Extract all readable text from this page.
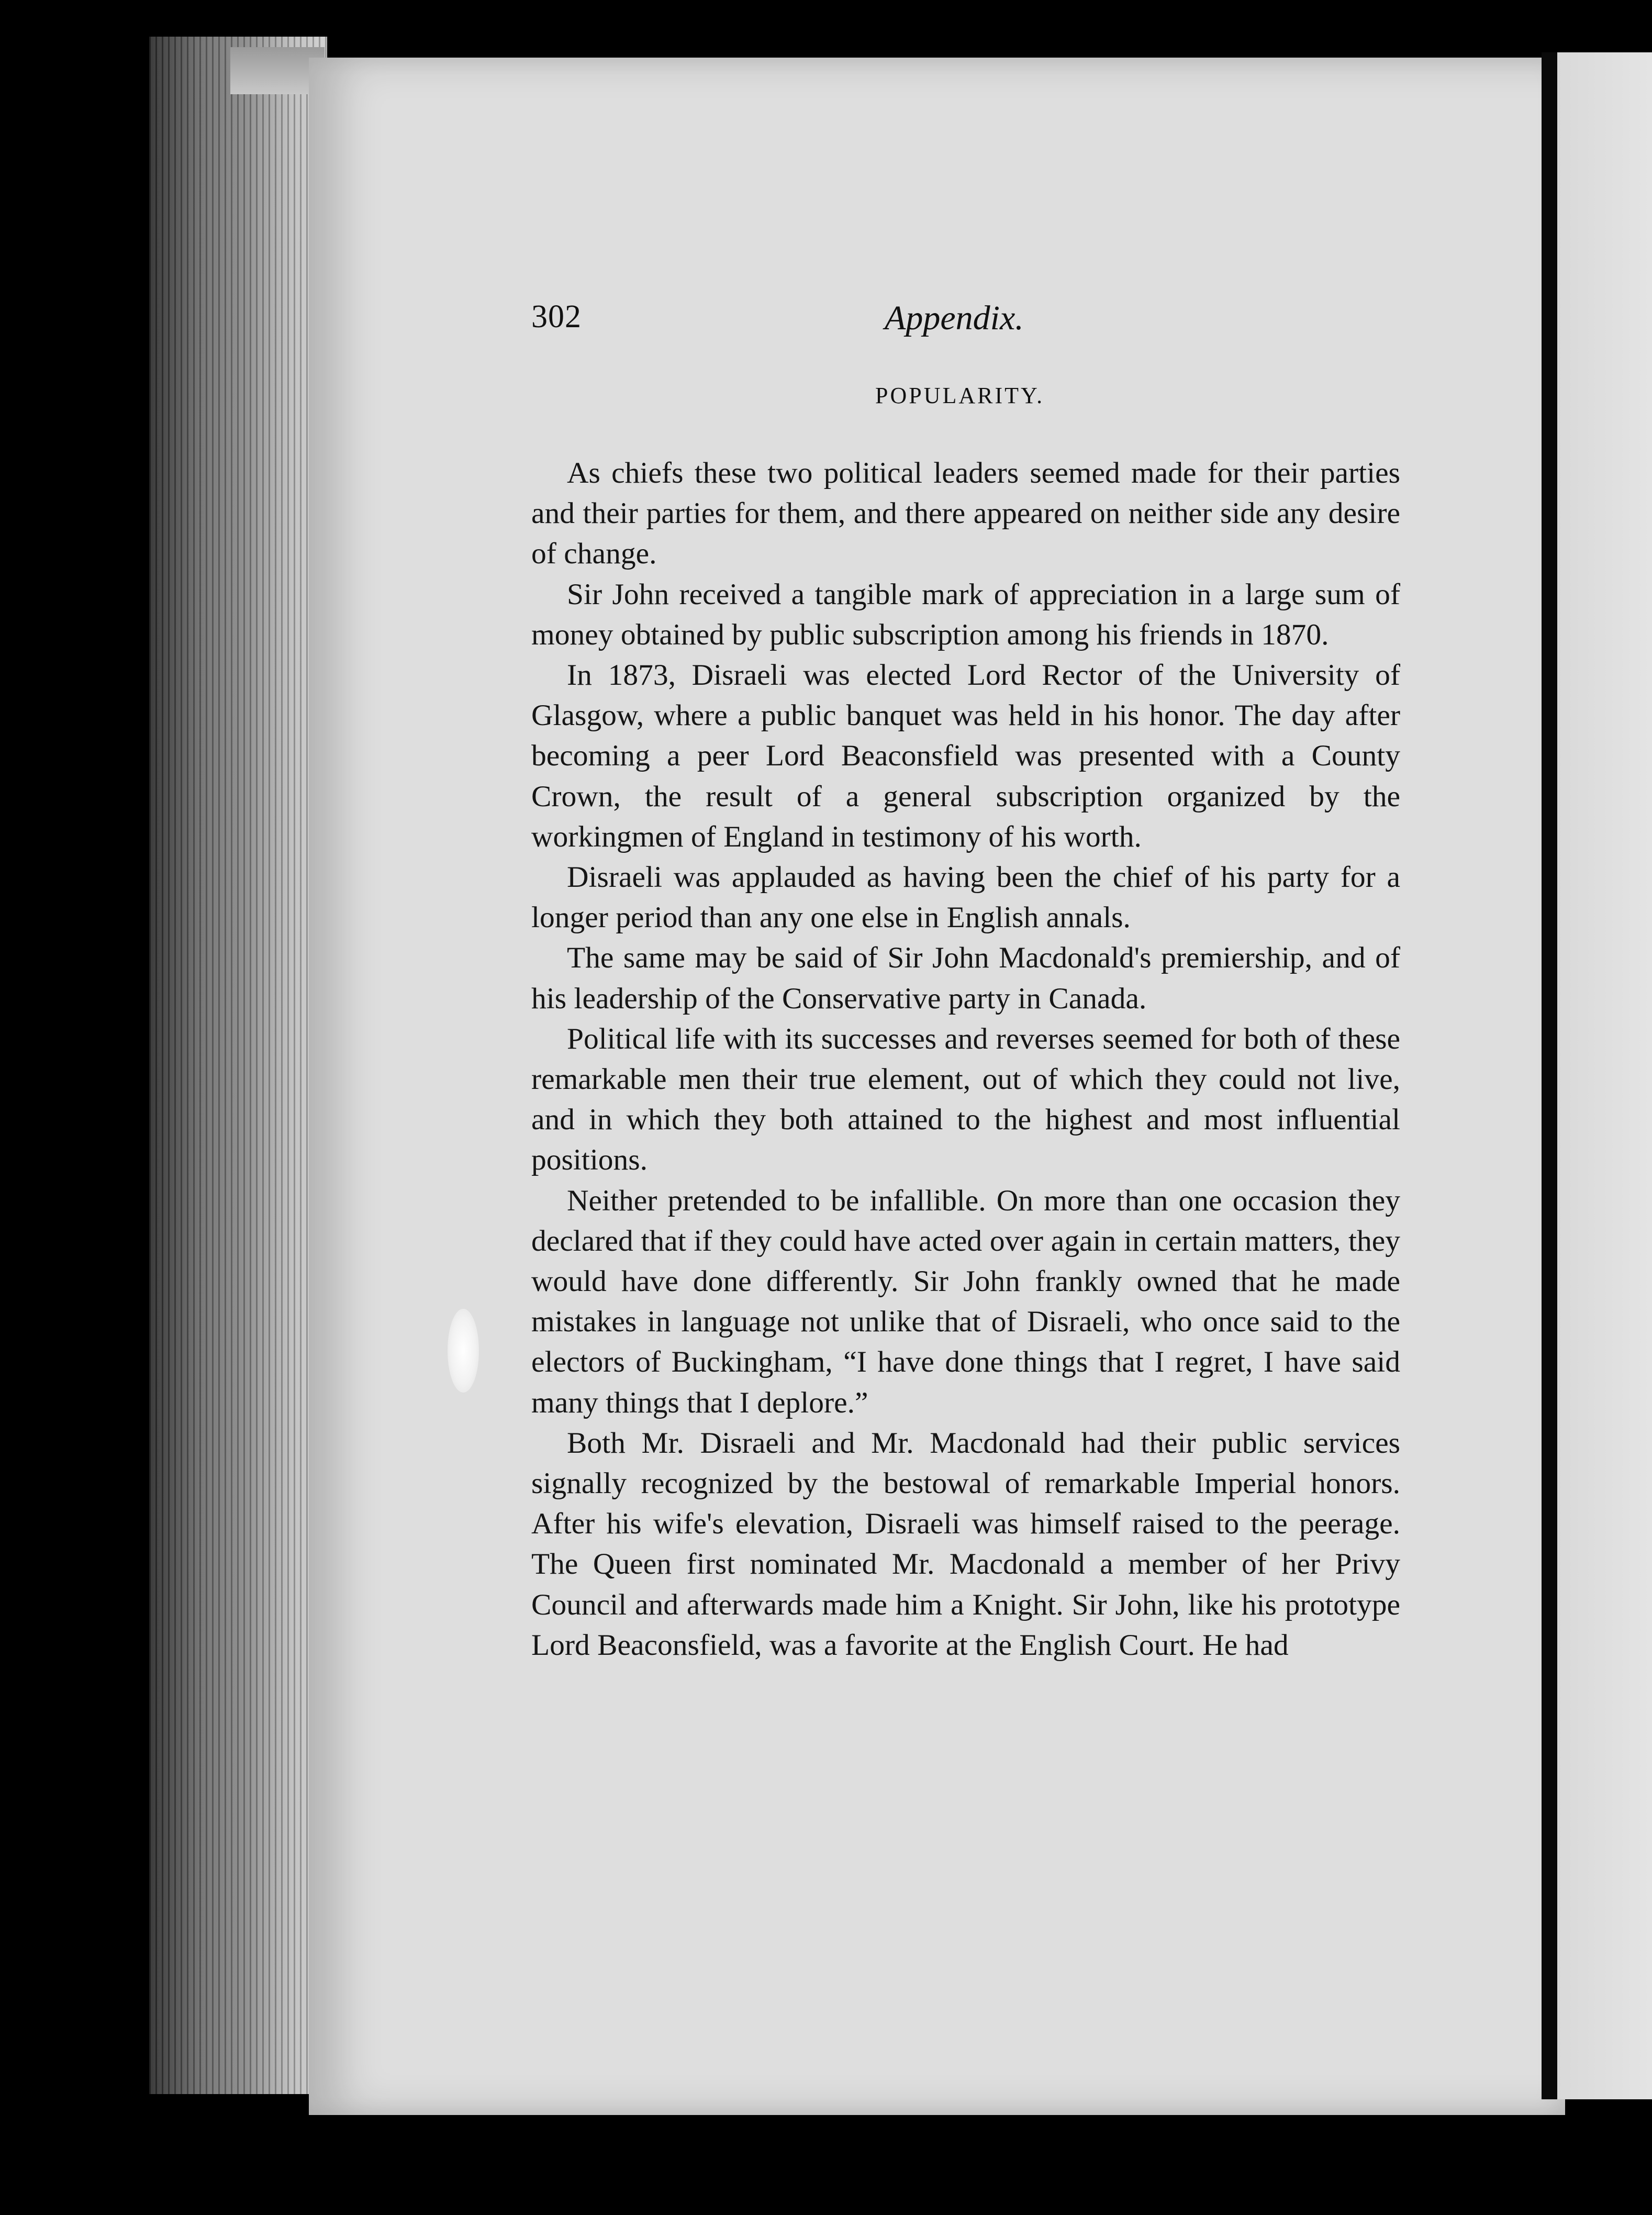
302	Appendix.
POPULARITY.

As chiefs these two political leaders seemed made for their parties and their parties for them, and there appeared on neither side any desire of change.

Sir John received a tangible mark of appreciation in a large sum of money obtained by public subscription among his friends in 1870.

In 1873, Disraeli was elected Lord Rector of the University of Glasgow, where a public banquet was held in his honor. The day after becoming a peer Lord Beaconsfield was presented with a County Crown, the result of a general subscription organized by the workingmen of England in testimony of his worth.

Disraeli was applauded as having been the chief of his party for a longer period than any one else in English annals.

The same may be said of Sir John Macdonald's premiership, and of his leadership of the Conservative party in Canada.

Political life with its successes and reverses seemed for both of these remarkable men their true element, out of which they could not live, and in which they both attained to the highest and most influential positions.

Neither pretended to be infallible. On more than one occasion they declared that if they could have acted over again in certain matters, they would have done differently. Sir John frankly owned that he made mistakes in language not unlike that of Disraeli, who once said to the electors of Buckingham, “I have done things that I regret, I have said many things that I deplore.”

Both Mr. Disraeli and Mr. Macdonald had their public services signally recognized by the bestowal of remarkable Imperial honors. After his wife's elevation, Disraeli was himself raised to the peerage. The Queen first nominated Mr. Macdonald a member of her Privy Council and afterwards made him a Knight. Sir John, like his prototype Lord Beaconsfield, was a favorite at the English Court. He had
